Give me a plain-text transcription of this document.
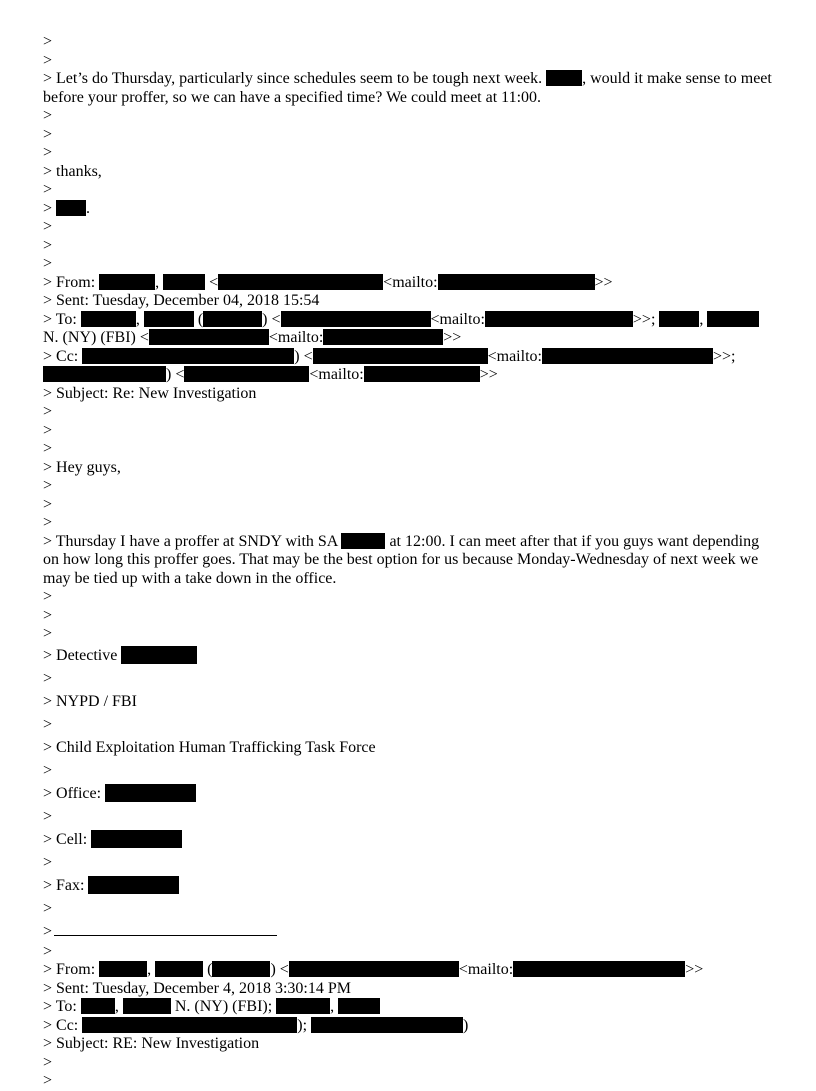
>
>
> Let’s do Thursday, particularly since schedules seem to be tough next week. , would it make sense to meet
before your proffer, so we can have a specified time? We could meet at 11:00.
>
>
>
> thanks,
>
> .
>
>
>
> From:	,	<	<mailto:	>>
> Sent: Tuesday, December 04, 2018 15:54
> To:	,	(	) <	<mailto:	>>;	,
N. (NY) (FBI) <	<mailto:	>>
> Cc:	) <	<mailto:	>>;
) <	<mailto:	>>
> Subject: Re: New Investigation
>
>
>
> Hey guys,
>
>
>
> Thursday I have a proffer at SNDY with SA	at 12:00. I can meet after that if you guys want depending
on how long this proffer goes. That may be the best option for us because Monday-Wednesday of next week we
may be tied up with a take down in the office.
>
>
>
> Detective
>
> NYPD / FBI
>
> Child Exploitation Human Trafficking Task Force
>
> Office:
>
> Cell:
>
> Fax:
>
>
>
> From:	,	(	) <	<mailto:	>>
> Sent: Tuesday, December 4, 2018 3:30:14 PM
> To: ,	N. (NY) (FBI);	,
> Cc:	);	)
> Subject: RE: New Investigation
>
>
